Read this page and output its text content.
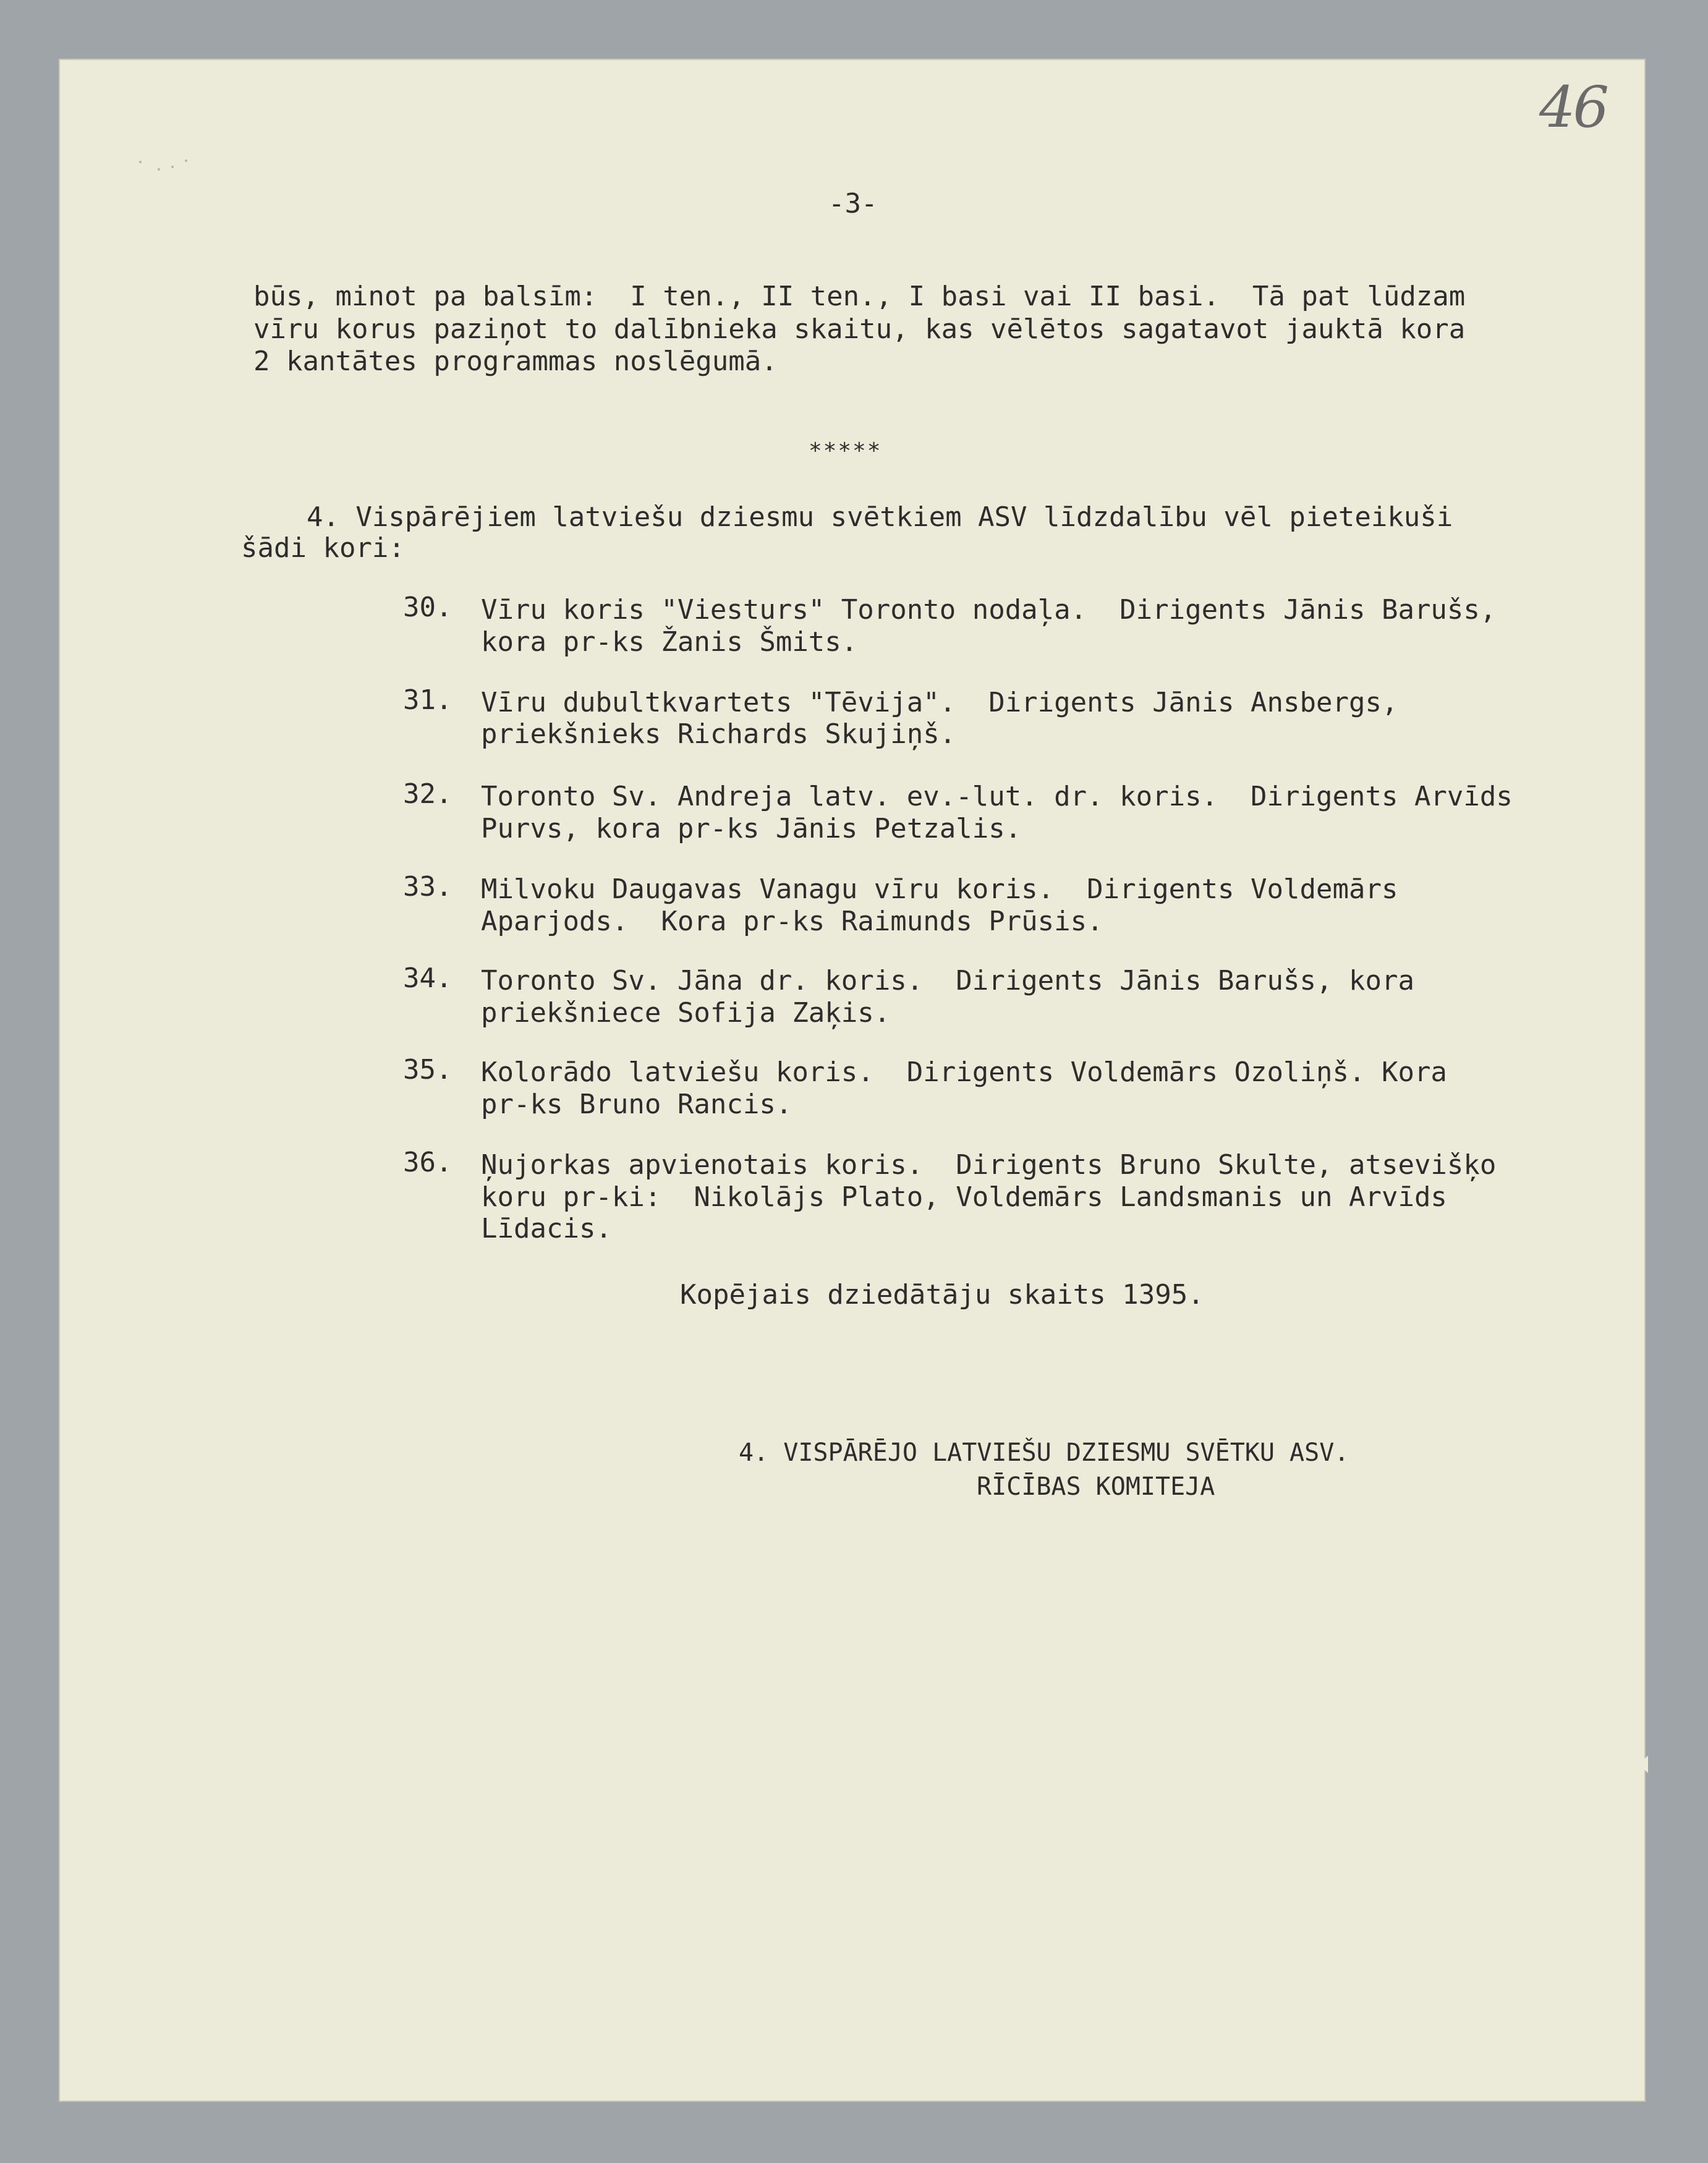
46
-3-
būs, minot pa balsīm:  I ten., II ten., I basi vai II basi.  Tā pat lūdzam
vīru korus paziņot to dalībnieka skaitu, kas vēlētos sagatavot jauktā kora
2 kantātes programmas noslēgumā.
*****
4. Vispārējiem latviešu dziesmu svētkiem ASV līdzdalību vēl pieteikuši
šādi kori:
30. Vīru koris "Viesturs" Toronto nodaļa.  Dirigents Jānis Barušs,
kora pr-ks Žanis Šmits.
31. Vīru dubultkvartets "Tēvija".  Dirigents Jānis Ansbergs,
priekšnieks Richards Skujiņš.
32. Toronto Sv. Andreja latv. ev.-lut. dr. koris.  Dirigents Arvīds
Purvs, kora pr-ks Jānis Petzalis.
33. Milvoku Daugavas Vanagu vīru koris.  Dirigents Voldemārs
Aparjods.  Kora pr-ks Raimunds Prūsis.
34. Toronto Sv. Jāna dr. koris.  Dirigents Jānis Barušs, kora
priekšniece Sofija Zaķis.
35. Kolorādo latviešu koris.  Dirigents Voldemārs Ozoliņš. Kora
pr-ks Bruno Rancis.
36. Ņujorkas apvienotais koris.  Dirigents Bruno Skulte, atsevišķo
koru pr-ki:  Nikolājs Plato, Voldemārs Landsmanis un Arvīds
Līdacis.
Kopējais dziedātāju skaits 1395.
4. VISPĀRĒJO LATVIEŠU DZIESMU SVĒTKU ASV.
RĪCĪBAS KOMITEJA
